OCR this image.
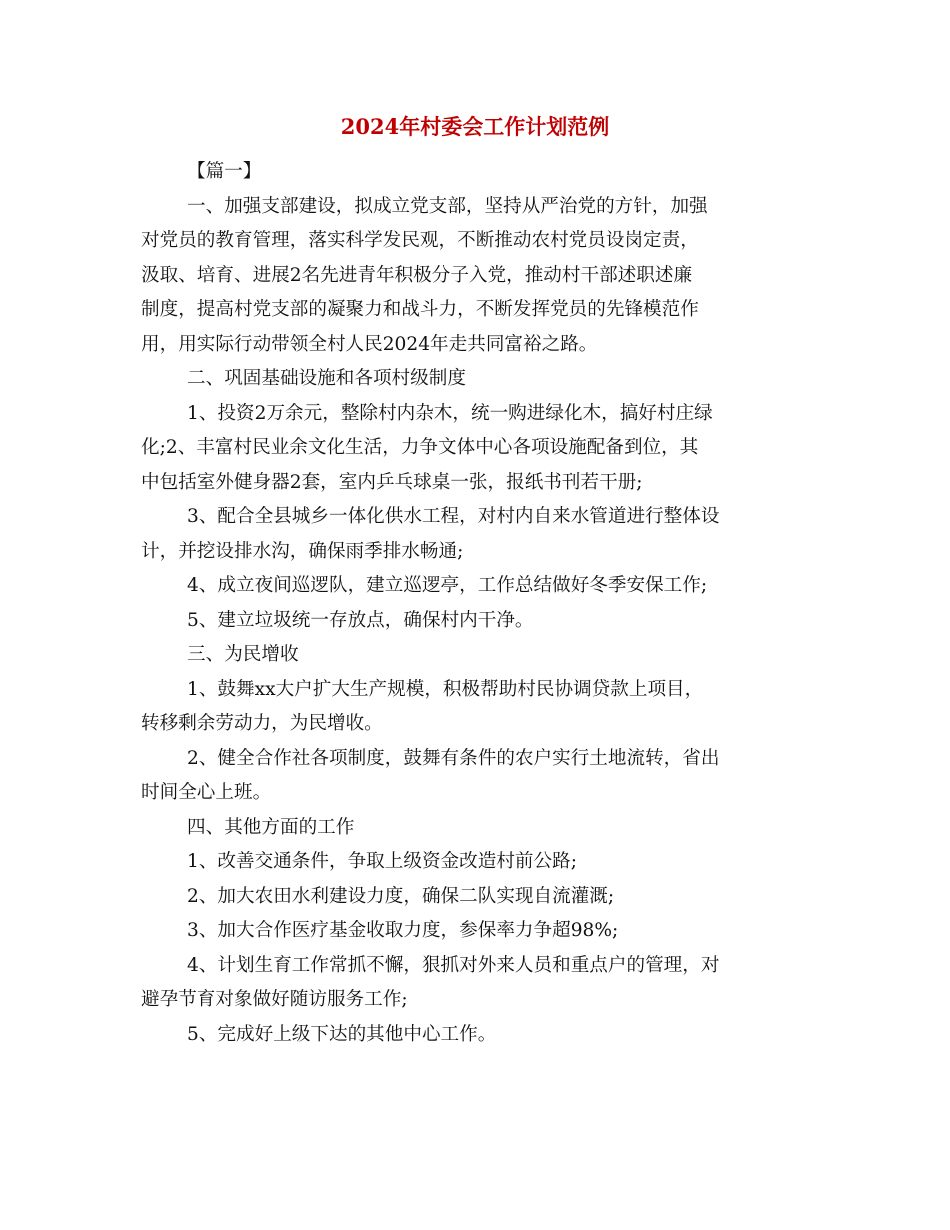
2024年村委会工作计划范例
【篇一】
一、加强支部建设，拟成立党支部，坚持从严治党的方针，加强
对党员的教育管理，落实科学发民观，不断推动农村党员设岗定责，
汲取、培育、进展2名先进青年积极分子入党，推动村干部述职述廉
制度，提高村党支部的凝聚力和战斗力，不断发挥党员的先锋模范作
用，用实际行动带领全村人民2024年走共同富裕之路。
二、巩固基础设施和各项村级制度
1、投资2万余元，整除村内杂木，统一购进绿化木，搞好村庄绿
化;2、丰富村民业余文化生活，力争文体中心各项设施配备到位，其
中包括室外健身器2套，室内乒乓球桌一张，报纸书刊若干册;
3、配合全县城乡一体化供水工程，对村内自来水管道进行整体设
计，并挖设排水沟，确保雨季排水畅通;
4、成立夜间巡逻队，建立巡逻亭，工作总结做好冬季安保工作;
5、建立垃圾统一存放点，确保村内干净。
三、为民增收
1、鼓舞xx大户扩大生产规模，积极帮助村民协调贷款上项目，
转移剩余劳动力，为民增收。
2、健全合作社各项制度，鼓舞有条件的农户实行土地流转，省出
时间全心上班。
四、其他方面的工作
1、改善交通条件，争取上级资金改造村前公路;
2、加大农田水利建设力度，确保二队实现自流灌溉;
3、加大合作医疗基金收取力度，参保率力争超98%;
4、计划生育工作常抓不懈，狠抓对外来人员和重点户的管理，对
避孕节育对象做好随访服务工作;
5、完成好上级下达的其他中心工作。
